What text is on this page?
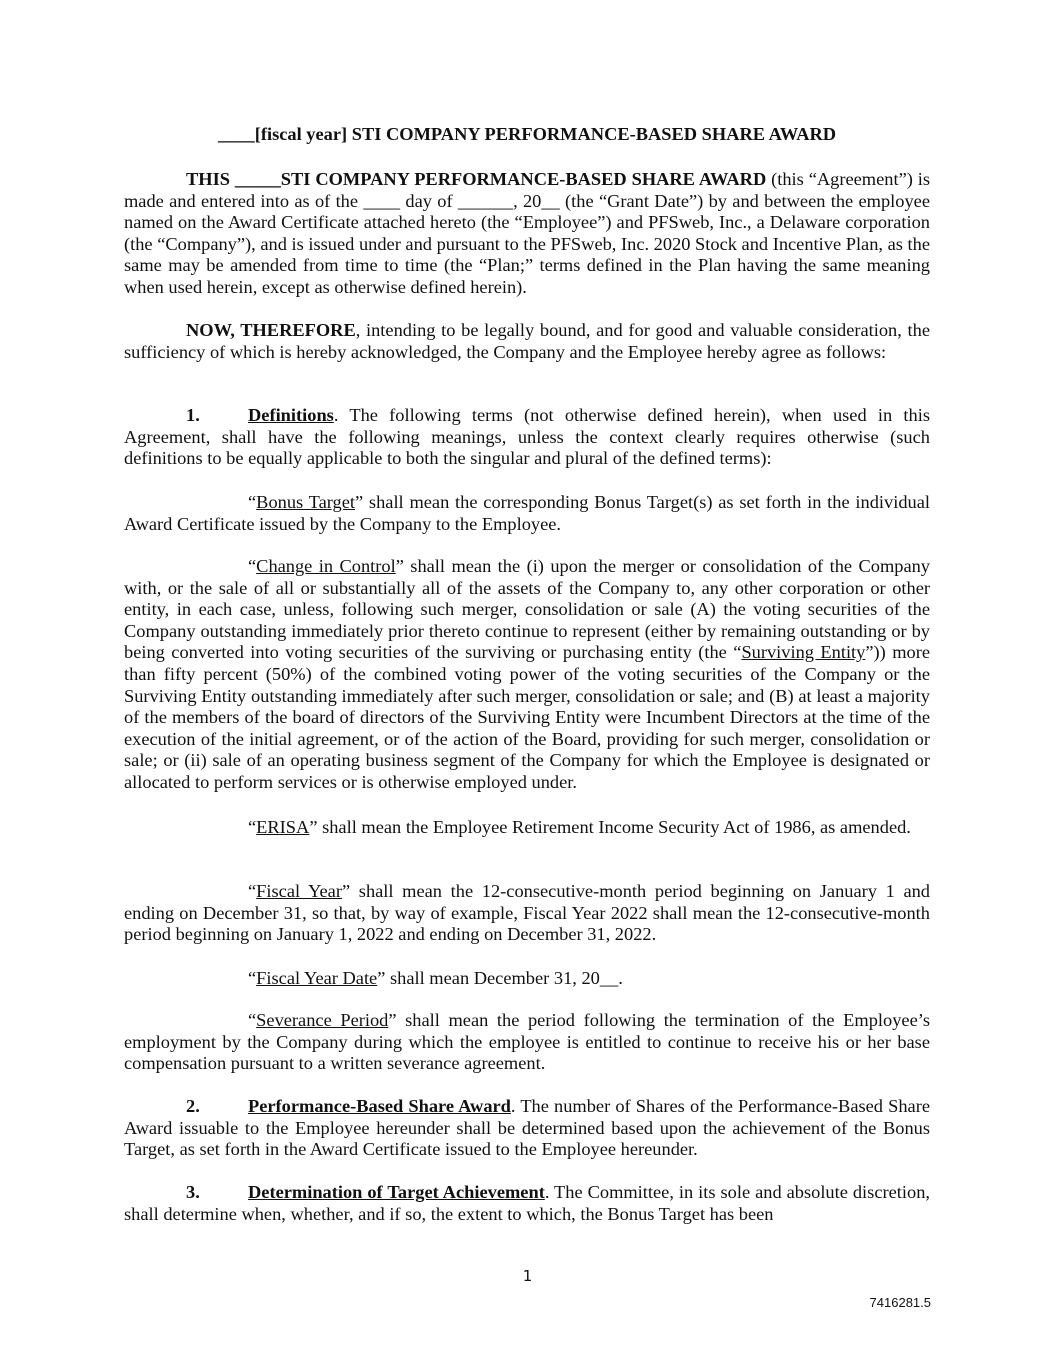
____[fiscal year] STI COMPANY PERFORMANCE-BASED SHARE AWARD

THIS _____STI COMPANY PERFORMANCE-BASED SHARE AWARD (this “Agreement”) is made and entered into as of the ____ day of ______, 20__ (the “Grant Date”) by and between the employee named on the Award Certificate attached hereto (the “Employee”) and PFSweb, Inc., a Delaware corporation (the “Company”), and is issued under and pursuant to the PFSweb, Inc. 2020 Stock and Incentive Plan, as the same may be amended from time to time (the “Plan;” terms defined in the Plan having the same meaning when used herein, except as otherwise defined herein).

NOW, THEREFORE, intending to be legally bound, and for good and valuable consideration, the sufficiency of which is hereby acknowledged, the Company and the Employee hereby agree as follows:

1.	Definitions. The following terms (not otherwise defined herein), when used in this Agreement, shall have the following meanings, unless the context clearly requires otherwise (such definitions to be equally applicable to both the singular and plural of the defined terms):

“Bonus Target” shall mean the corresponding Bonus Target(s) as set forth in the individual Award Certificate issued by the Company to the Employee.

“Change in Control” shall mean the (i) upon the merger or consolidation of the Company with, or the sale of all or substantially all of the assets of the Company to, any other corporation or other entity, in each case, unless, following such merger, consolidation or sale (A) the voting securities of the Company outstanding immediately prior thereto continue to represent (either by remaining outstanding or by being converted into voting securities of the surviving or purchasing entity (the “Surviving Entity”)) more than fifty percent (50%) of the combined voting power of the voting securities of the Company or the Surviving Entity outstanding immediately after such merger, consolidation or sale; and (B) at least a majority of the members of the board of directors of the Surviving Entity were Incumbent Directors at the time of the execution of the initial agreement, or of the action of the Board, providing for such merger, consolidation or sale; or (ii) sale of an operating business segment of the Company for which the Employee is designated or allocated to perform services or is otherwise employed under.

“ERISA” shall mean the Employee Retirement Income Security Act of 1986, as amended.

“Fiscal Year” shall mean the 12-consecutive-month period beginning on January 1 and ending on December 31, so that, by way of example, Fiscal Year 2022 shall mean the 12-consecutive-month period beginning on January 1, 2022 and ending on December 31, 2022.

“Fiscal Year Date” shall mean December 31, 20__.

“Severance Period” shall mean the period following the termination of the Employee’s employment by the Company during which the employee is entitled to continue to receive his or her base compensation pursuant to a written severance agreement.

2.	Performance-Based Share Award. The number of Shares of the Performance-Based Share Award issuable to the Employee hereunder shall be determined based upon the achievement of the Bonus Target, as set forth in the Award Certificate issued to the Employee hereunder.

3.	Determination of Target Achievement. The Committee, in its sole and absolute discretion, shall determine when, whether, and if so, the extent to which, the Bonus Target has been

1
7416281.5
